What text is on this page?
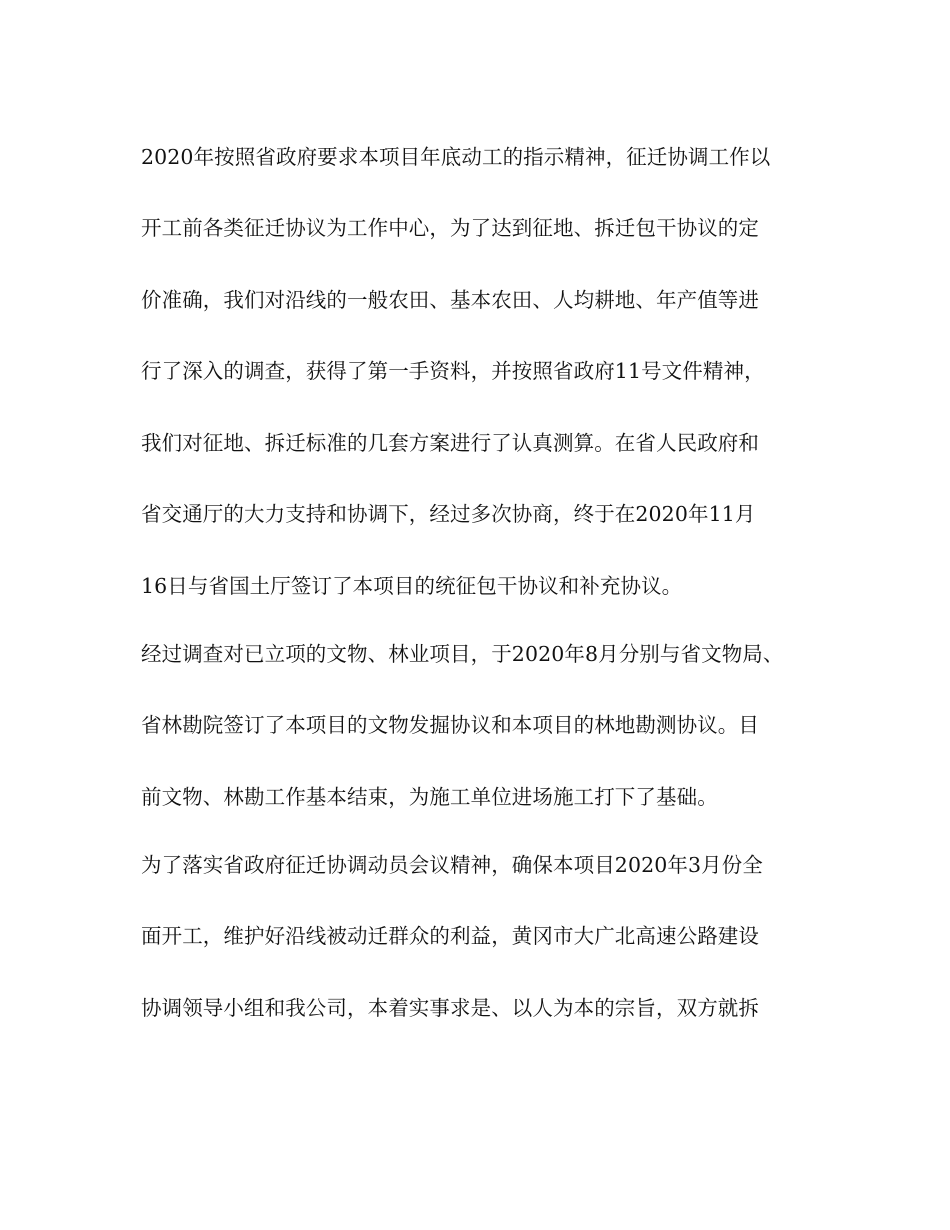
2020年按照省政府要求本项目年底动工的指示精神，征迁协调工作以
开工前各类征迁协议为工作中心，为了达到征地、拆迁包干协议的定
价准确，我们对沿线的一般农田、基本农田、人均耕地、年产值等进
行了深入的调查，获得了第一手资料，并按照省政府11号文件精神，
我们对征地、拆迁标准的几套方案进行了认真测算。在省人民政府和
省交通厅的大力支持和协调下，经过多次协商，终于在2020年11月
16日与省国土厅签订了本项目的统征包干协议和补充协议。
经过调查对已立项的文物、林业项目，于2020年8月分别与省文物局、
省林勘院签订了本项目的文物发掘协议和本项目的林地勘测协议。目
前文物、林勘工作基本结束，为施工单位进场施工打下了基础。
为了落实省政府征迁协调动员会议精神，确保本项目2020年3月份全
面开工，维护好沿线被动迁群众的利益，黄冈市大广北高速公路建设
协调领导小组和我公司，本着实事求是、以人为本的宗旨，双方就拆
